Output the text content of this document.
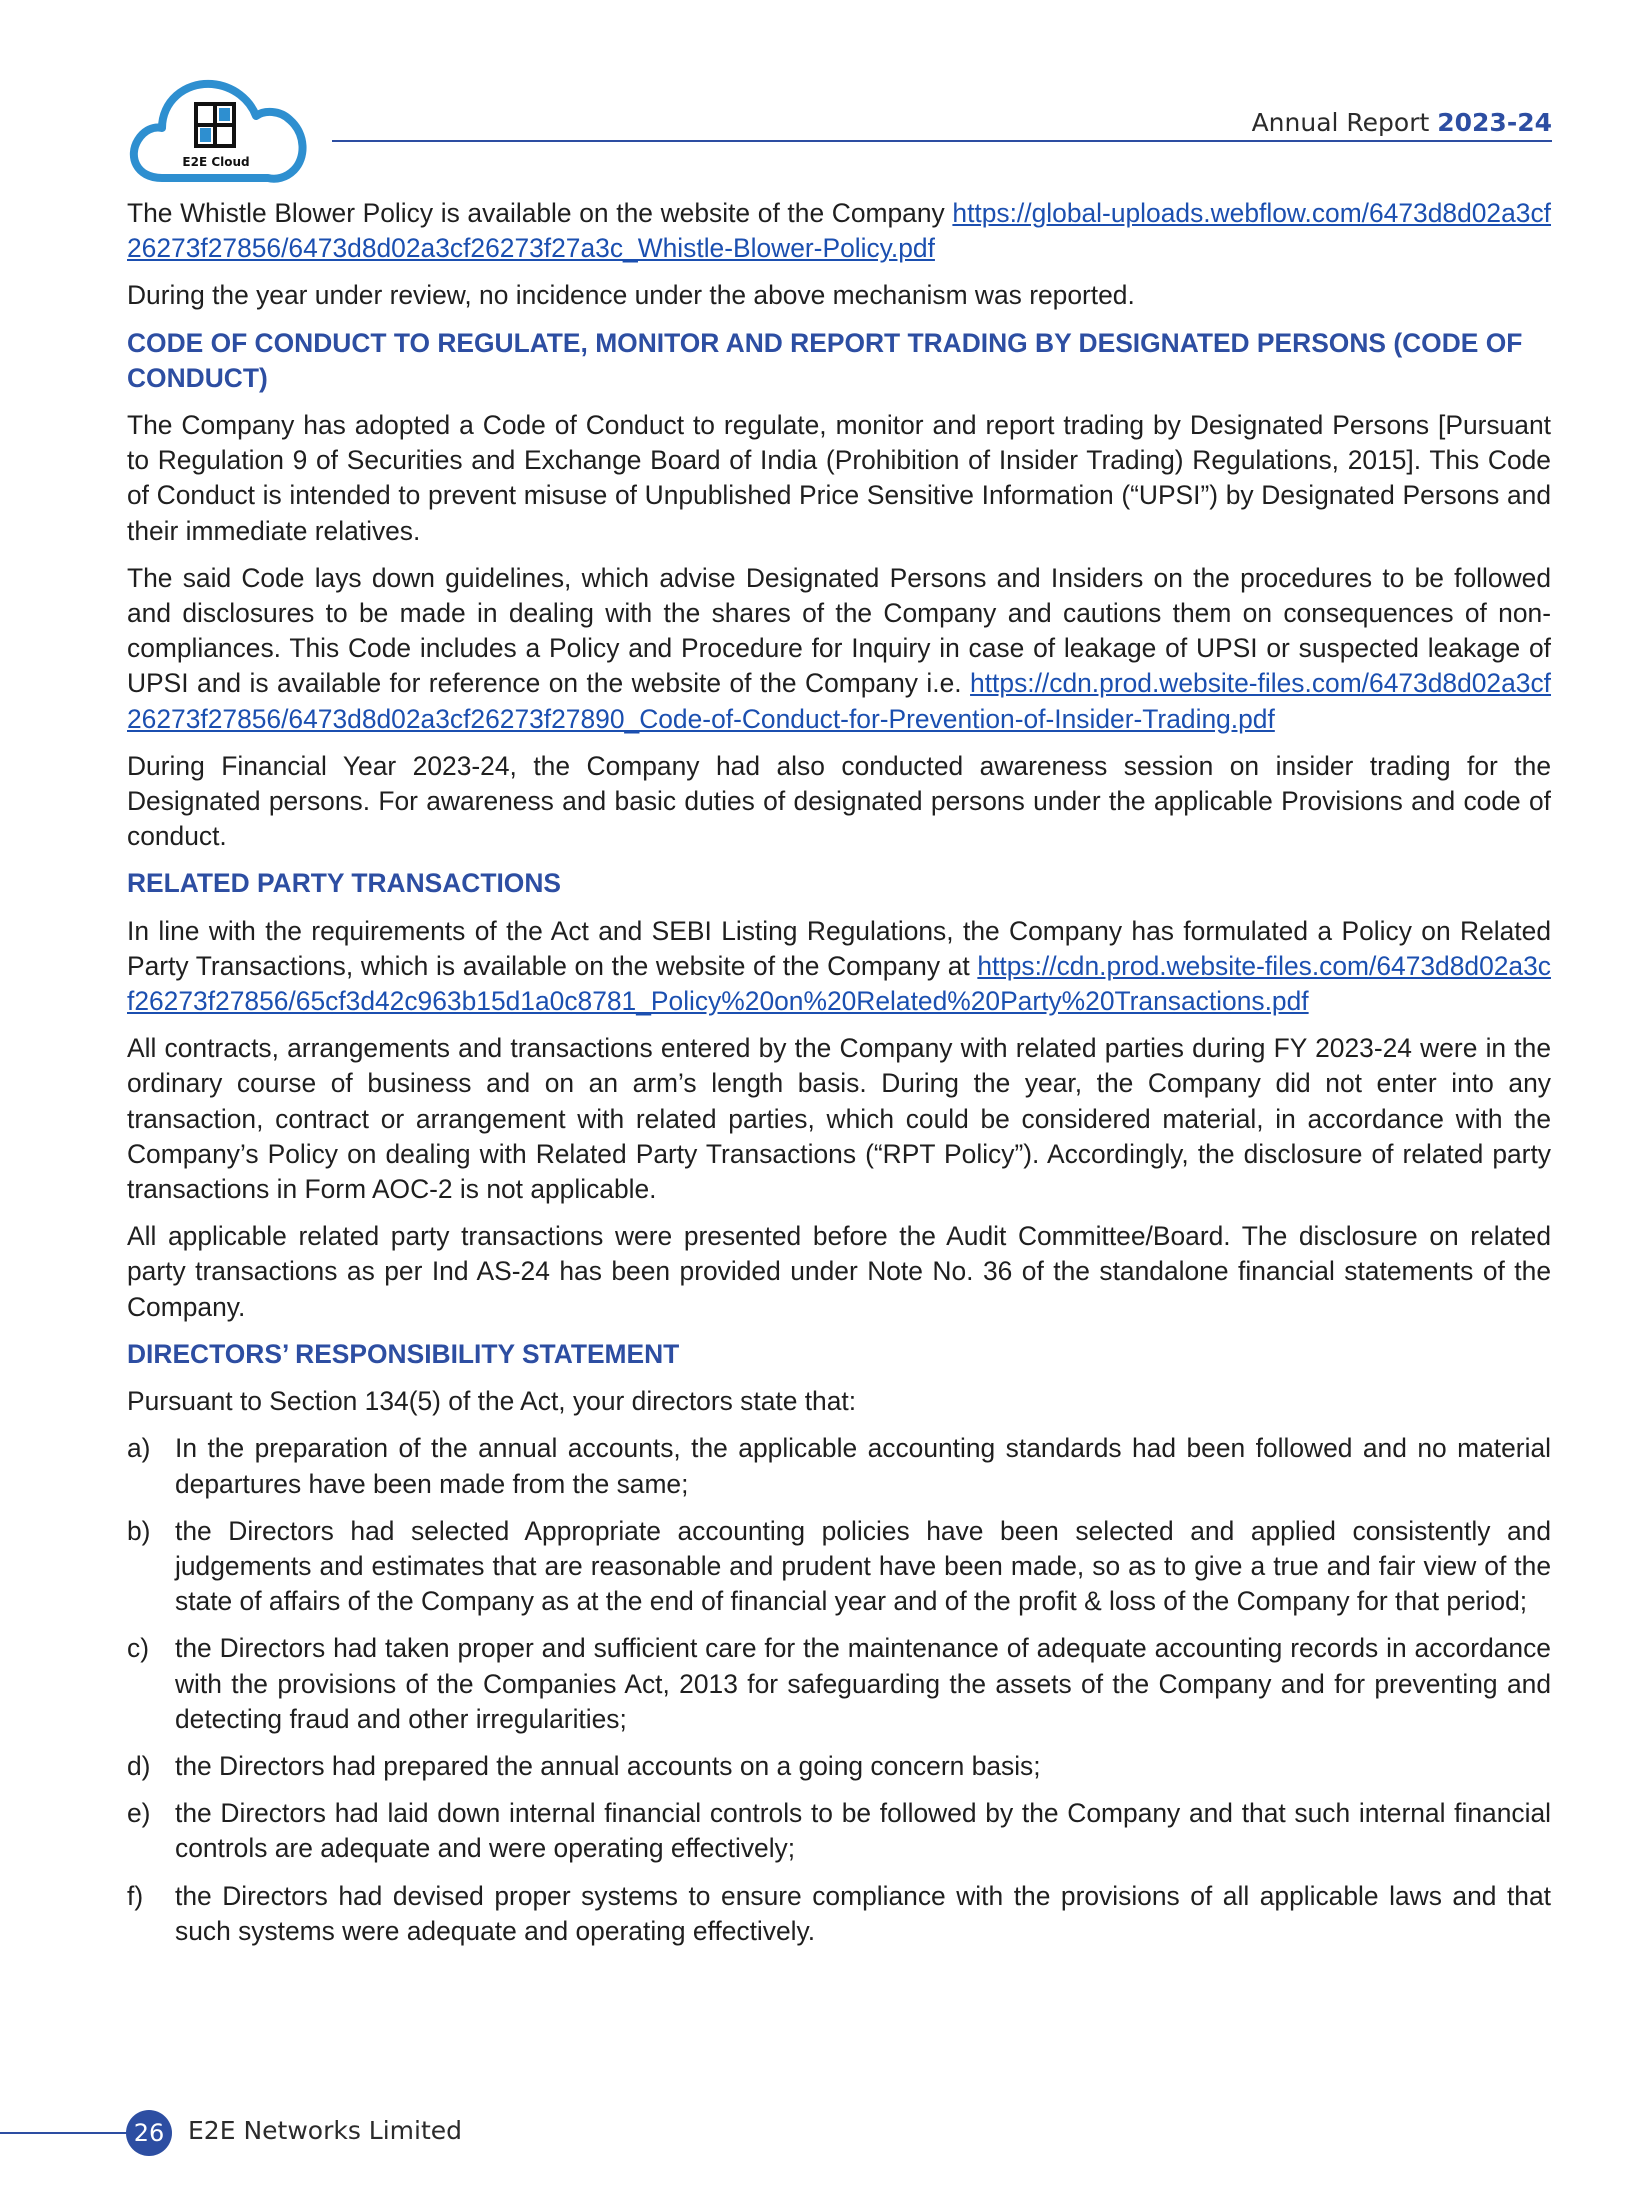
E2E Cloud
Annual Report 2023-24

The Whistle Blower Policy is available on the website of the Company https://global-uploads.webflow.com/6473d8d02a3cf26273f27856/6473d8d02a3cf26273f27a3c_Whistle-Blower-Policy.pdf

During the year under review, no incidence under the above mechanism was reported.

CODE OF CONDUCT TO REGULATE, MONITOR AND REPORT TRADING BY DESIGNATED PERSONS (CODE OF CONDUCT)

The Company has adopted a Code of Conduct to regulate, monitor and report trading by Designated Persons [Pursuant to Regulation 9 of Securities and Exchange Board of India (Prohibition of Insider Trading) Regulations, 2015]. This Code of Conduct is intended to prevent misuse of Unpublished Price Sensitive Information (“UPSI”) by Designated Persons and their immediate relatives.

The said Code lays down guidelines, which advise Designated Persons and Insiders on the procedures to be followed and disclosures to be made in dealing with the shares of the Company and cautions them on consequences of non-compliances. This Code includes a Policy and Procedure for Inquiry in case of leakage of UPSI or suspected leakage of UPSI and is available for reference on the website of the Company i.e. https://cdn.prod.website-files.com/6473d8d02a3cf26273f27856/6473d8d02a3cf26273f27890_Code-of-Conduct-for-Prevention-of-Insider-Trading.pdf

During Financial Year 2023-24, the Company had also conducted awareness session on insider trading for the Designated persons. For awareness and basic duties of designated persons under the applicable Provisions and code of conduct.

RELATED PARTY TRANSACTIONS

In line with the requirements of the Act and SEBI Listing Regulations, the Company has formulated a Policy on Related Party Transactions, which is available on the website of the Company at https://cdn.prod.website-files.com/6473d8d02a3cf26273f27856/65cf3d42c963b15d1a0c8781_Policy%20on%20Related%20Party%20Transactions.pdf

All contracts, arrangements and transactions entered by the Company with related parties during FY 2023-24 were in the ordinary course of business and on an arm’s length basis. During the year, the Company did not enter into any transaction, contract or arrangement with related parties, which could be considered material, in accordance with the Company’s Policy on dealing with Related Party Transactions (“RPT Policy”). Accordingly, the disclosure of related party transactions in Form AOC-2 is not applicable.

All applicable related party transactions were presented before the Audit Committee/Board. The disclosure on related party transactions as per Ind AS-24 has been provided under Note No. 36 of the standalone financial statements of the Company.

DIRECTORS’ RESPONSIBILITY STATEMENT

Pursuant to Section 134(5) of the Act, your directors state that:

a) In the preparation of the annual accounts, the applicable accounting standards had been followed and no material departures have been made from the same;
b) the Directors had selected Appropriate accounting policies have been selected and applied consistently and judgements and estimates that are reasonable and prudent have been made, so as to give a true and fair view of the state of affairs of the Company as at the end of financial year and of the profit & loss of the Company for that period;
c) the Directors had taken proper and sufficient care for the maintenance of adequate accounting records in accordance with the provisions of the Companies Act, 2013 for safeguarding the assets of the Company and for preventing and detecting fraud and other irregularities;
d) the Directors had prepared the annual accounts on a going concern basis;
e) the Directors had laid down internal financial controls to be followed by the Company and that such internal financial controls are adequate and were operating effectively;
f) the Directors had devised proper systems to ensure compliance with the provisions of all applicable laws and that such systems were adequate and operating effectively.
26 E2E Networks Limited
